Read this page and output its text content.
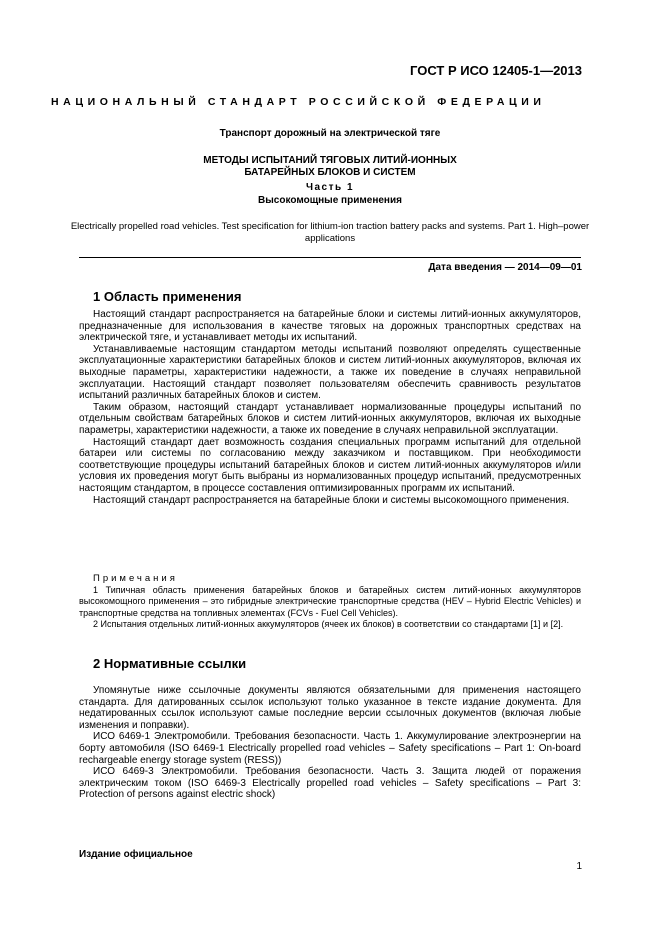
ГОСТ Р ИСО 12405-1—2013
НАЦИОНАЛЬНЫЙ СТАНДАРТ РОССИЙСКОЙ ФЕДЕРАЦИИ
Транспорт дорожный на электрической тяге
МЕТОДЫ ИСПЫТАНИЙ ТЯГОВЫХ ЛИТИЙ-ИОННЫХ
БАТАРЕЙНЫХ БЛОКОВ И СИСТЕМ
Часть 1
Высокомощные применения
Electrically propelled road vehicles. Test specification for lithium-ion traction battery packs and systems. Part 1. High–power applications
Дата введения — 2014—09—01
1 Область применения

Настоящий стандарт распространяется на батарейные блоки и системы литий-ионных аккумуляторов, предназначенные для использования в качестве тяговых на дорожных транспортных средствах на электрической тяге, и устанавливает методы их испытаний.

Устанавливаемые настоящим стандартом методы испытаний позволяют определять существенные эксплуатационные характеристики батарейных блоков и систем литий-ионных аккумуляторов, включая их выходные параметры, характеристики надежности, а также их поведение в случаях неправильной эксплуатации. Настоящий стандарт позволяет пользователям обеспечить сравнивость результатов испытаний различных батарейных блоков и систем.

Таким образом, настоящий стандарт устанавливает нормализованные процедуры испытаний по отдельным свойствам батарейных блоков и систем литий-ионных аккумуляторов, включая их выходные параметры, характеристики надежности, а также их поведение в случаях неправильной эксплуатации.

Настоящий стандарт дает возможность создания специальных программ испытаний для отдельной батареи или системы по согласованию между заказчиком и поставщиком. При необходимости соответствующие процедуры испытаний батарейных блоков и систем литий-ионных аккумуляторов и/или условия их проведения могут быть выбраны из нормализованных процедур испытаний, предусмотренных настоящим стандартом, в процессе составления оптимизированных программ их испытаний.

Настоящий стандарт распространяется на батарейные блоки и системы высокомощного применения.

Примечания

1 Типичная область применения батарейных блоков и батарейных систем литий-ионных аккумуляторов высокомощного применения – это гибридные электрические транспортные средства (HEV – Hybrid Electric Vehicles) и транспортные средства на топливных элементах (FCVs - Fuel Cell Vehicles).

2 Испытания отдельных литий-ионных аккумуляторов (ячеек их блоков) в соответствии со стандартами [1] и [2].

2 Нормативные ссылки

Упомянутые ниже ссылочные документы являются обязательными для применения настоящего стандарта. Для датированных ссылок используют только указанное в тексте издание документа. Для недатированных ссылок используют самые последние версии ссылочных документов (включая любые изменения и поправки).

ИСО 6469-1 Электромобили. Требования безопасности. Часть 1. Аккумулирование электроэнергии на борту автомобиля (ISO 6469-1 Electrically propelled road vehicles – Safety specifications – Part 1: On-board rechargeable energy storage system (RESS))

ИСО 6469-3 Электромобили. Требования безопасности. Часть 3. Защита людей от поражения электрическим током (ISO 6469-3 Electrically propelled road vehicles – Safety specifications – Part 3: Protection of persons against electric shock)

Издание официальное
1
